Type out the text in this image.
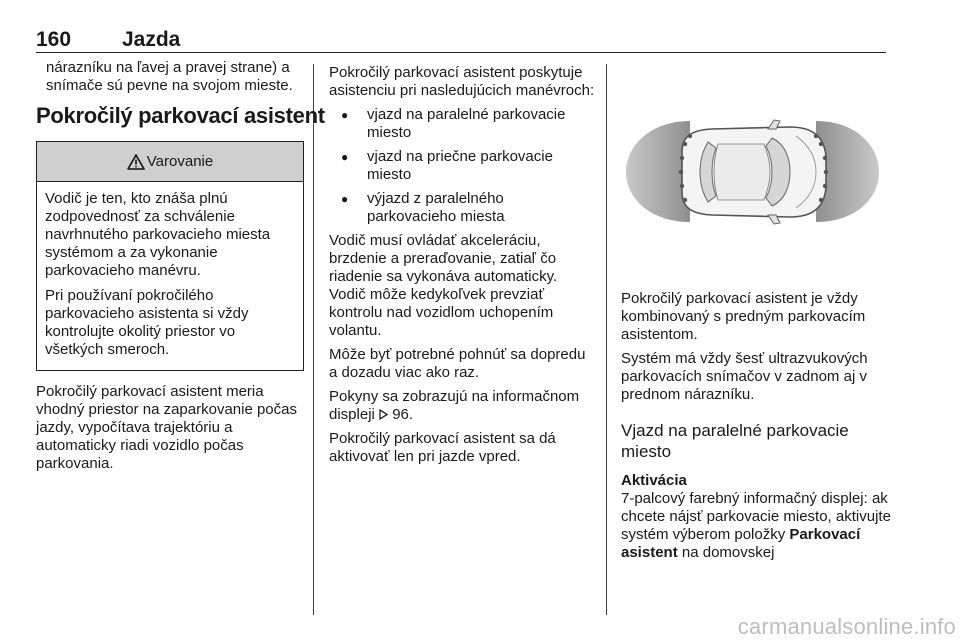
160 Jazda

nárazníku na ľavej a pravej strane) a snímače sú pevne na svojom mieste.

Pokročilý parkovací asistent
Varovanie

Vodič je ten, kto znáša plnú zodpovednosť za schválenie navrhnutého parkovacieho miesta systémom a za vykonanie parkovacieho manévru.

Pri používaní pokročilého parkovacieho asistenta si vždy kontrolujte okolitý priestor vo všetkých smeroch.

Pokročilý parkovací asistent meria vhodný priestor na zaparkovanie počas jazdy, vypočítava trajektóriu a automaticky riadi vozidlo počas parkovania.

Pokročilý parkovací asistent poskytuje asistenciu pri nasledujúcich manévroch:

● vjazd na paralelné parkovacie miesto
● vjazd na priečne parkovacie miesto
● výjazd z paralelného parkovacieho miesta

Vodič musí ovládať akceleráciu, brzdenie a preraďovanie, zatiaľ čo riadenie sa vykonáva automaticky. Vodič môže kedykoľvek prevziať kontrolu nad vozidlom uchopením volantu.

Môže byť potrebné pohnúť sa dopredu a dozadu viac ako raz.

Pokyny sa zobrazujú na informačnom displeji 96.

Pokročilý parkovací asistent sa dá aktivovať len pri jazde vpred.

Pokročilý parkovací asistent je vždy kombinovaný s predným parkovacím asistentom.

Systém má vždy šesť ultrazvukových parkovacích snímačov v zadnom aj v prednom nárazníku.

Vjazd na paralelné parkovacie miesto
Aktivácia

7-palcový farebný informačný displej: ak chcete nájsť parkovacie miesto, aktivujte systém výberom položky Parkovací asistent na domovskej

carmanualsonline.info
